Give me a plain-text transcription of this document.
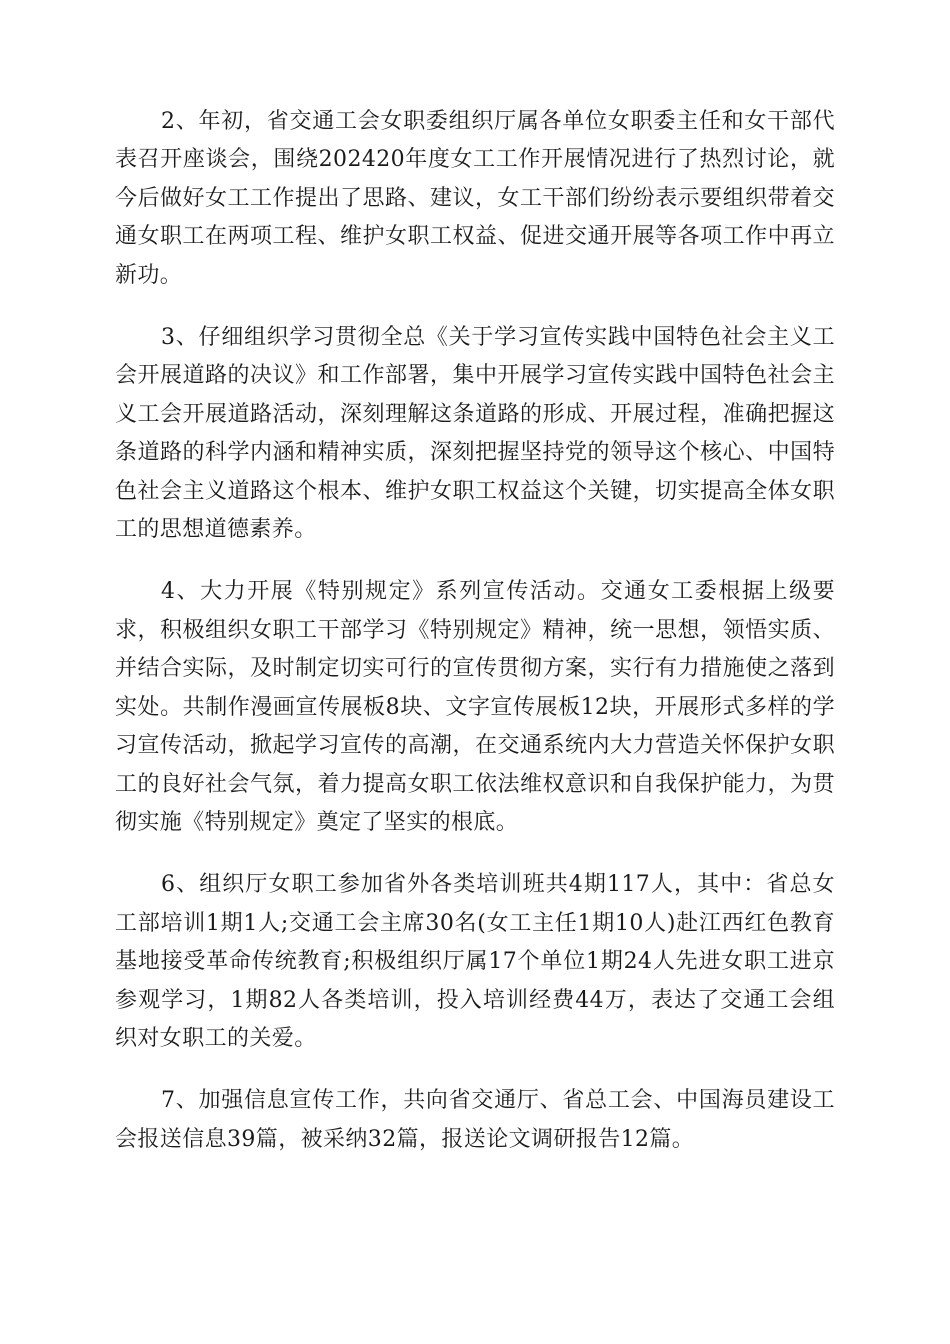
2、年初，省交通工会女职委组织厅属各单位女职委主任和女干部代表召开座谈会，围绕202420年度女工工作开展情况进行了热烈讨论，就今后做好女工工作提出了思路、建议，女工干部们纷纷表示要组织带着交通女职工在两项工程、维护女职工权益、促进交通开展等各项工作中再立新功。

3、仔细组织学习贯彻全总《关于学习宣传实践中国特色社会主义工会开展道路的决议》和工作部署，集中开展学习宣传实践中国特色社会主义工会开展道路活动，深刻理解这条道路的形成、开展过程，准确把握这条道路的科学内涵和精神实质，深刻把握坚持党的领导这个核心、中国特色社会主义道路这个根本、维护女职工权益这个关键，切实提高全体女职工的思想道德素养。

4、大力开展《特别规定》系列宣传活动。交通女工委根据上级要求，积极组织女职工干部学习《特别规定》精神，统一思想，领悟实质、并结合实际，及时制定切实可行的宣传贯彻方案，实行有力措施使之落到实处。共制作漫画宣传展板8块、文字宣传展板12块，开展形式多样的学习宣传活动，掀起学习宣传的高潮，在交通系统内大力营造关怀保护女职工的良好社会气氛，着力提高女职工依法维权意识和自我保护能力，为贯彻实施《特别规定》奠定了坚实的根底。

6、组织厅女职工参加省外各类培训班共4期117人，其中：省总女工部培训1期1人;交通工会主席30名(女工主任1期10人)赴江西红色教育基地接受革命传统教育;积极组织厅属17个单位1期24人先进女职工进京参观学习，1期82人各类培训，投入培训经费44万，表达了交通工会组织对女职工的关爱。

7、加强信息宣传工作，共向省交通厅、省总工会、中国海员建设工会报送信息39篇，被采纳32篇，报送论文调研报告12篇。
